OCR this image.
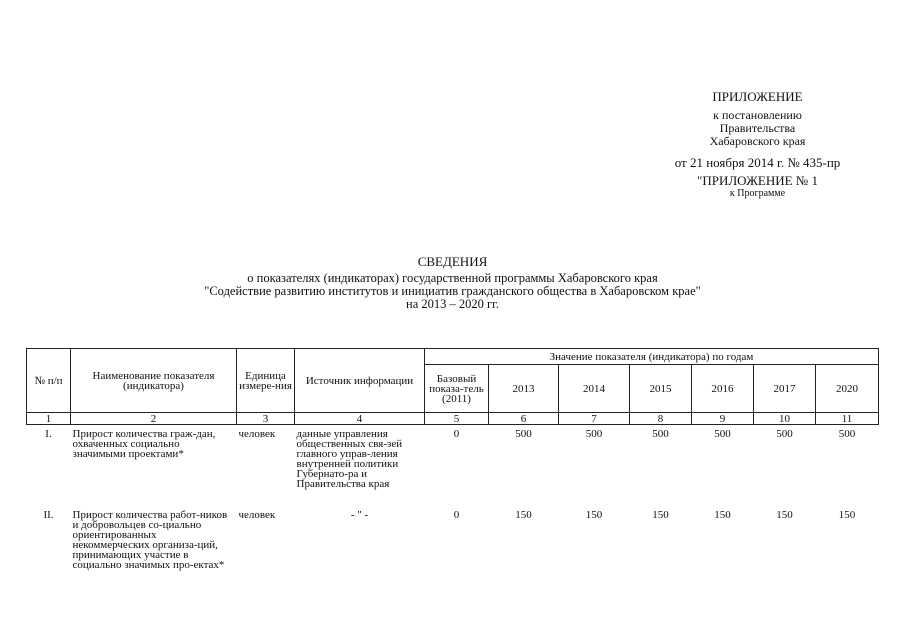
ПРИЛОЖЕНИЕ
к постановлению
Правительства
Хабаровского края
от 21 ноября 2014 г. № 435-пр
"ПРИЛОЖЕНИЕ № 1
к Программе
СВЕДЕНИЯ
о показателях (индикаторах) государственной программы Хабаровского края
"Содействие развитию институтов и инициатив гражданского общества в Хабаровском крае"
на 2013 – 2020 гг.
№ п/п	Наименование показателя (индикатора)	Единица измере-ния	Источник информации	Значение показателя (индикатора) по годам						
				Базовый показа-тель (2011)	2013	2014	2015	2016	2017	2020
1	2	3	4	5	6	7	8	9	10	11
I.	Прирост количества граж-дан, охваченных социально значимыми проектами*	человек	данные управления общественных свя-зей главного управ-ления внутренней политики Губернато-ра и Правительства края	0	500	500	500	500	500	500
II.	Прирост количества работ-ников и добровольцев со-циально ориентированных некоммерческих организа-ций, принимающих участие в социально значимых про-ектах*	человек	- " -	0	150	150	150	150	150	150
